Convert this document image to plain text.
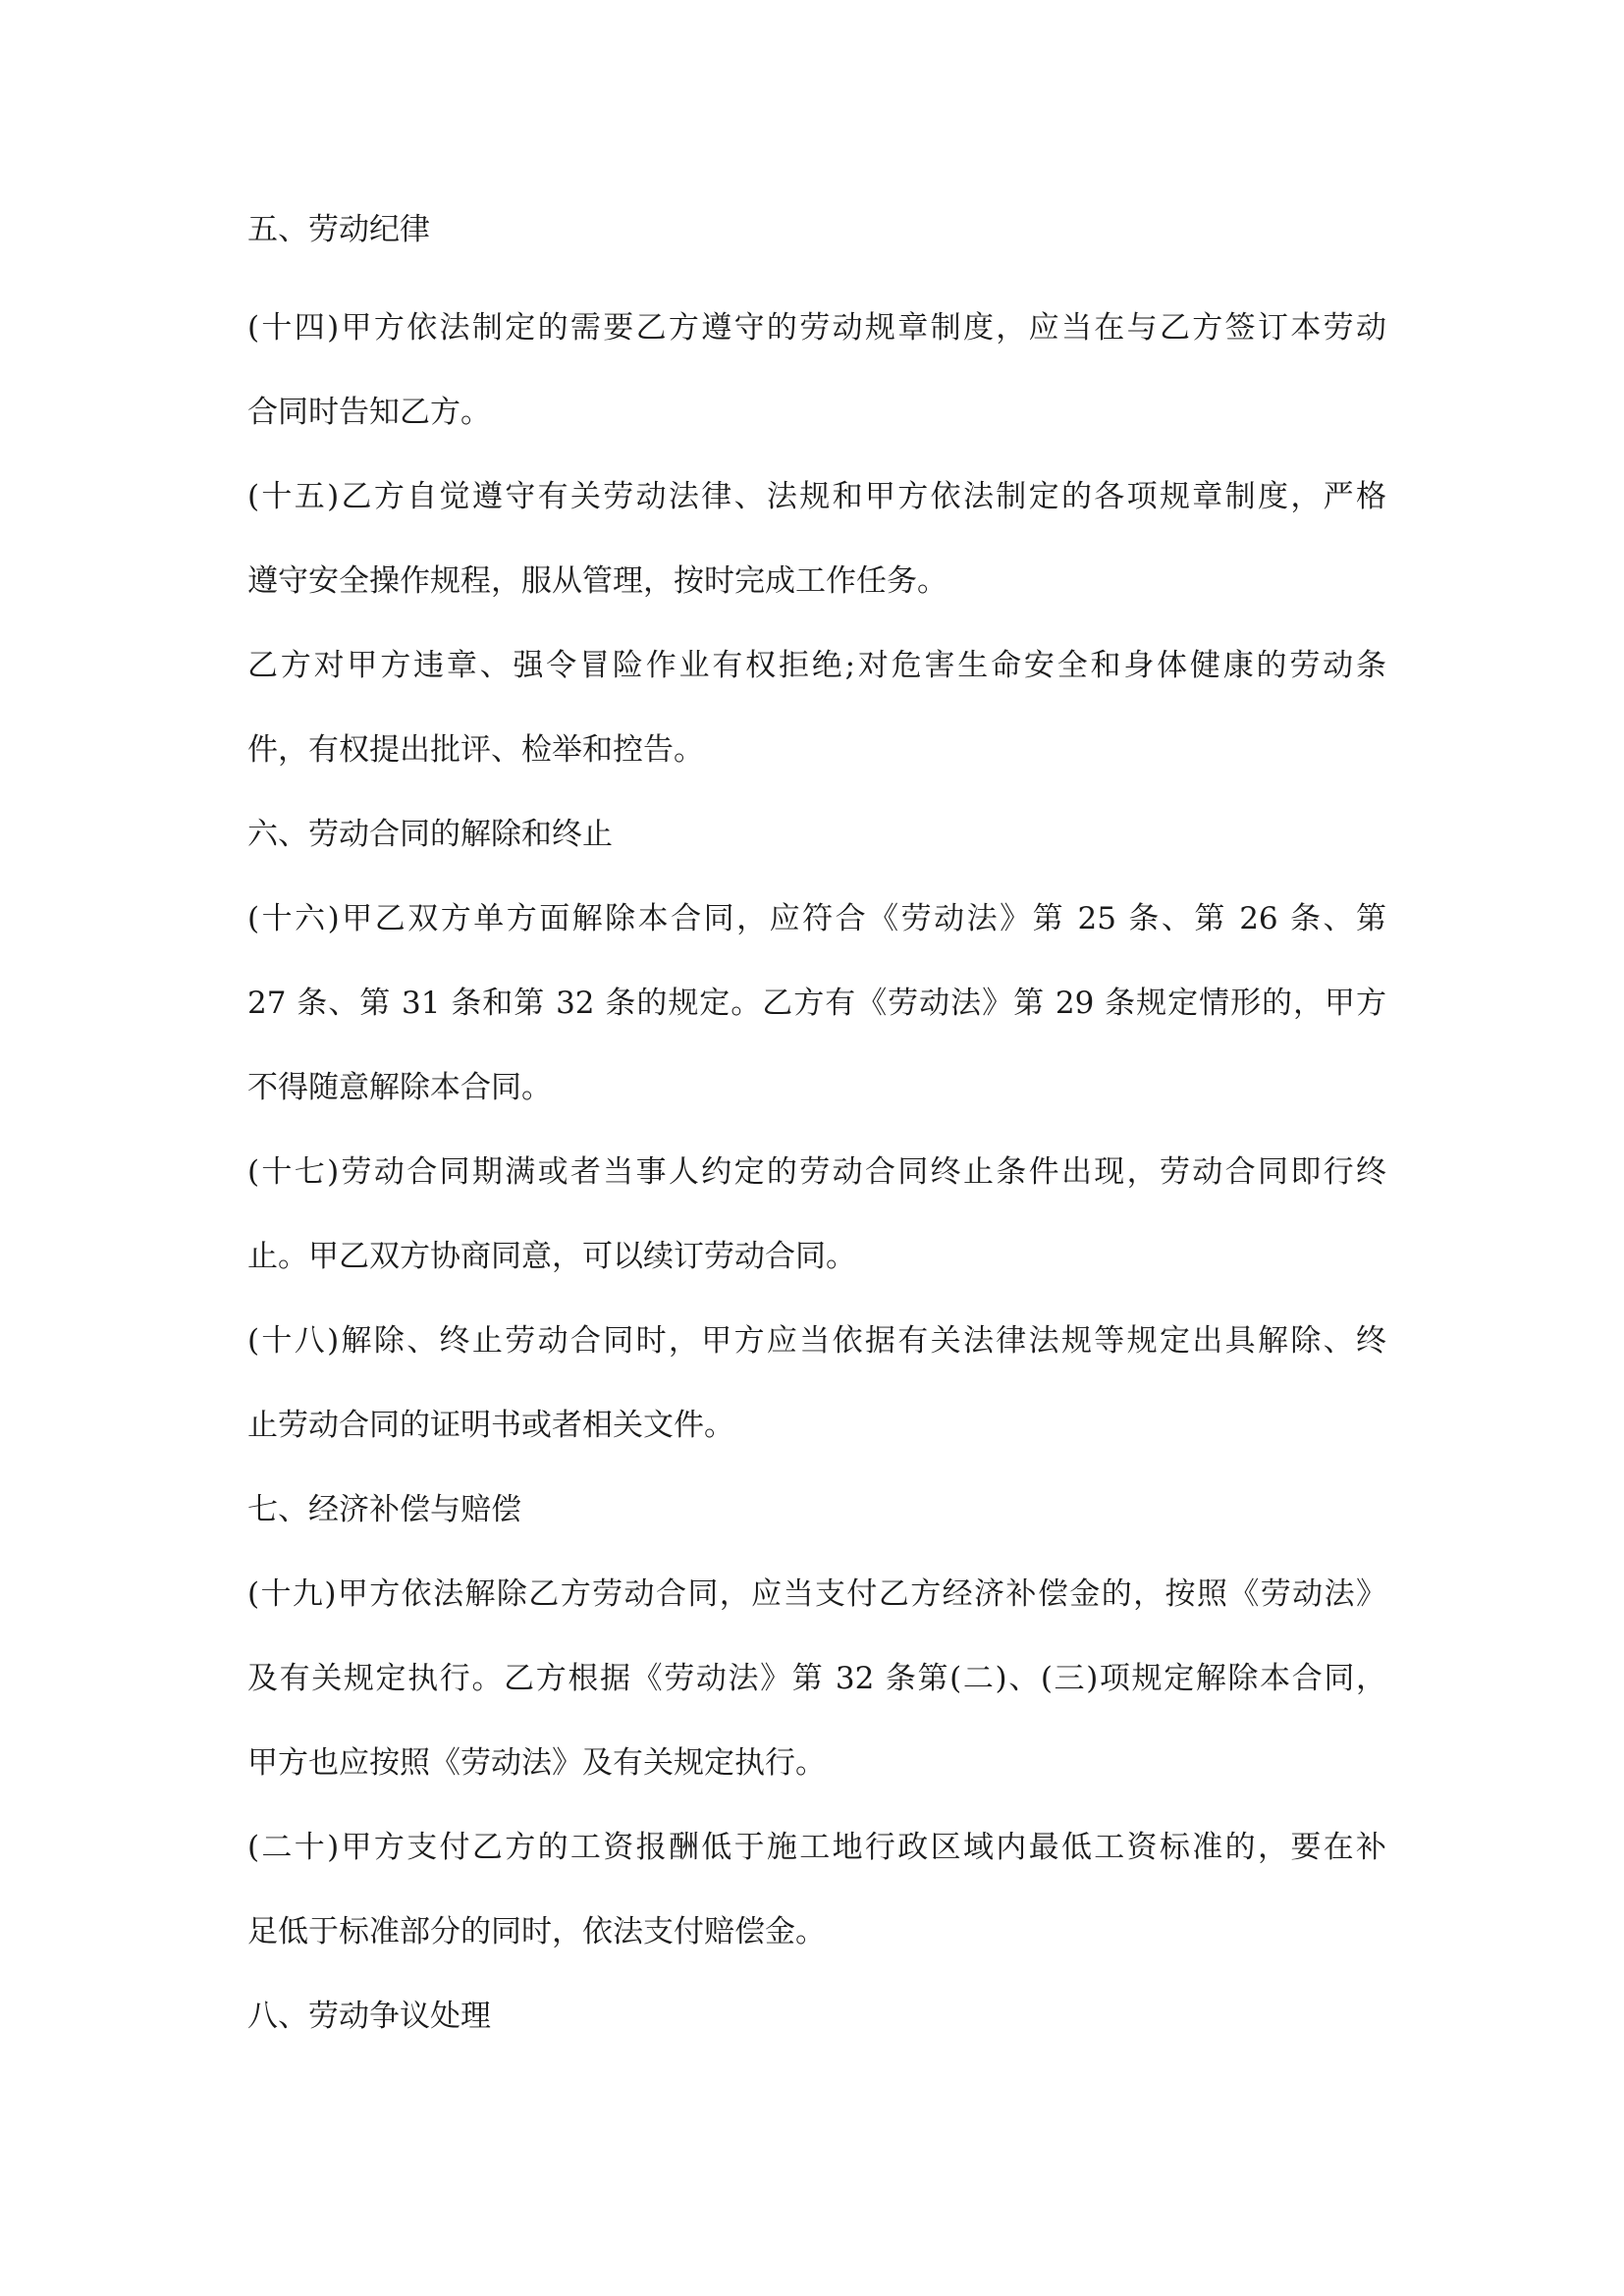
五、劳动纪律
(十四)甲方依法制定的需要乙方遵守的劳动规章制度，应当在与乙方签订本劳动
合同时告知乙方。
(十五)乙方自觉遵守有关劳动法律、法规和甲方依法制定的各项规章制度，严格
遵守安全操作规程，服从管理，按时完成工作任务。
乙方对甲方违章、强令冒险作业有权拒绝;对危害生命安全和身体健康的劳动条
件，有权提出批评、检举和控告。
六、劳动合同的解除和终止
(十六)甲乙双方单方面解除本合同，应符合《劳动法》第 25 条、第 26 条、第
27 条、第 31 条和第 32 条的规定。乙方有《劳动法》第 29 条规定情形的，甲方
不得随意解除本合同。
(十七)劳动合同期满或者当事人约定的劳动合同终止条件出现，劳动合同即行终
止。甲乙双方协商同意，可以续订劳动合同。
(十八)解除、终止劳动合同时，甲方应当依据有关法律法规等规定出具解除、终
止劳动合同的证明书或者相关文件。
七、经济补偿与赔偿
(十九)甲方依法解除乙方劳动合同，应当支付乙方经济补偿金的，按照《劳动法》
及有关规定执行。乙方根据《劳动法》第 32 条第(二)、(三)项规定解除本合同，
甲方也应按照《劳动法》及有关规定执行。
(二十)甲方支付乙方的工资报酬低于施工地行政区域内最低工资标准的，要在补
足低于标准部分的同时，依法支付赔偿金。
八、劳动争议处理
